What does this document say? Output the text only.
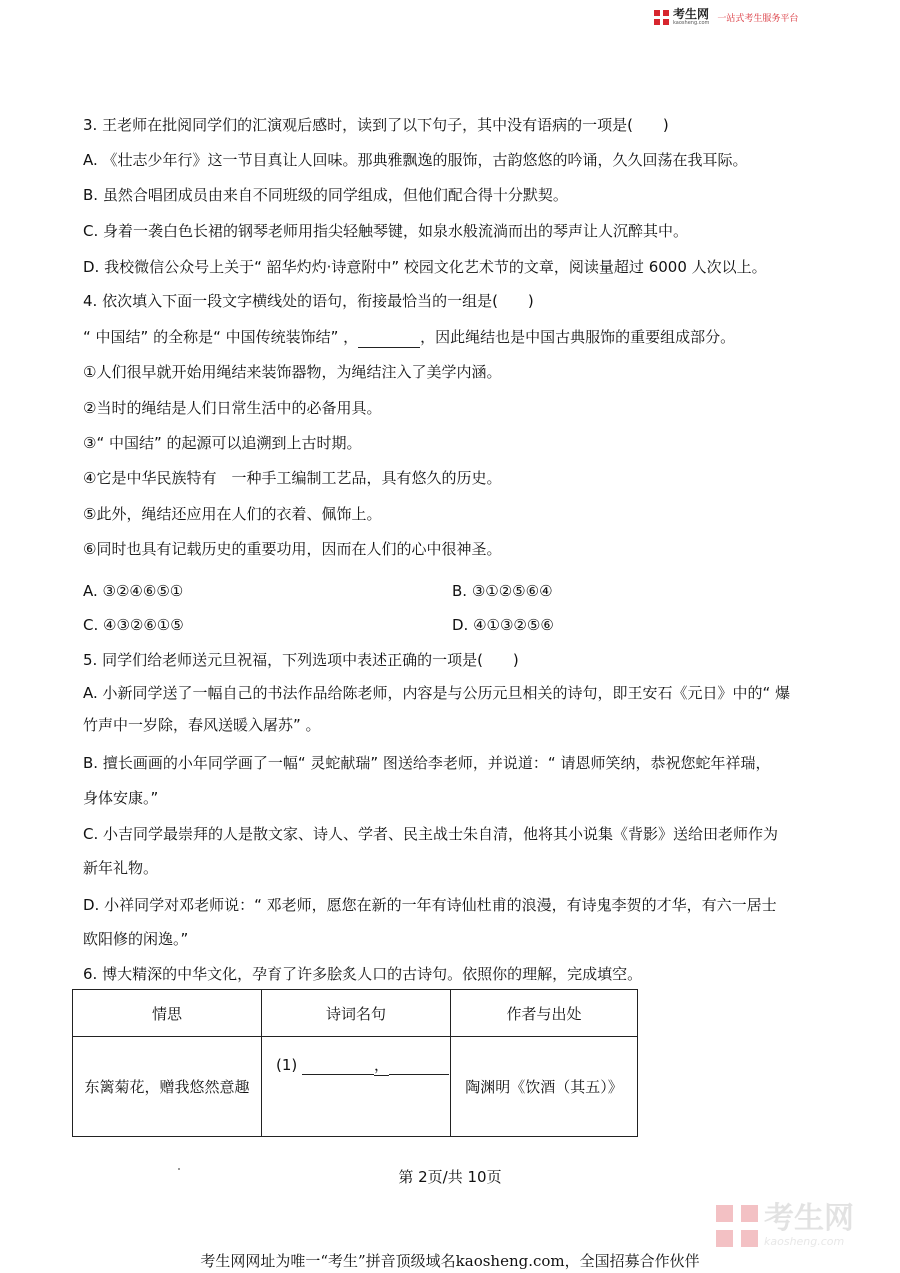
考生网
kaosheng.com 一站式考生服务平台
3. 王老师在批阅同学们的汇演观后感时，读到了以下句子，其中没有语病的一项是(　　)
A. 《壮志少年行》这一节目真让人回味。那典雅飘逸的服饰，古韵悠悠的吟诵，久久回荡在我耳际。
B. 虽然合唱团成员由来自不同班级的同学组成，但他们配合得十分默契。
C. 身着一袭白色长裙的钢琴老师用指尖轻触琴键，如泉水般流淌而出的琴声让人沉醉其中。
D. 我校微信公众号上关于“ 韶华灼灼·诗意附中” 校园文化艺术节的文章，阅读量超过 6000 人次以上。
4. 依次填入下面一段文字横线处的语句，衔接最恰当的一组是(　　)
“ 中国结” 的全称是“ 中国传统装饰结” ，	，因此绳结也是中国古典服饰的重要组成部分。
①人们很早就开始用绳结来装饰器物，为绳结注入了美学内涵。
②当时的绳结是人们日常生活中的必备用具。
③“ 中国结” 的起源可以追溯到上古时期。
④它是中华民族特有　一种手工编制工艺品，具有悠久的历史。
⑤此外，绳结还应用在人们的衣着、佩饰上。
⑥同时也具有记载历史的重要功用，因而在人们的心中很神圣。
A. ③②④⑥⑤①	B. ③①②⑤⑥④
C. ④③②⑥①⑤	D. ④①③②⑤⑥
5. 同学们给老师送元旦祝福，下列选项中表述正确的一项是(　　)
A. 小新同学送了一幅自己的书法作品给陈老师，内容是与公历元旦相关的诗句，即王安石《元日》中的“ 爆
竹声中一岁除，春风送暖入屠苏” 。
B. 擅长画画的小年同学画了一幅“ 灵蛇献瑞” 图送给李老师，并说道：“ 请恩师笑纳，恭祝您蛇年祥瑞，
身体安康。”
C. 小吉同学最崇拜的人是散文家、诗人、学者、民主战士朱自清，他将其小说集《背影》送给田老师作为
新年礼物。
D. 小祥同学对邓老师说：“ 邓老师，愿您在新的一年有诗仙杜甫的浪漫，有诗鬼李贺的才华，有六一居士
欧阳修的闲逸。”
6. 博大精深的中华文化，孕育了许多脍炙人口的古诗句。依照你的理解，完成填空。
情思	诗词名句	作者与出处
东篱菊花，赠我悠然意趣	(1) ，	陶渊明《饮酒（其五）》
第 2页/共 10页
考生网
kaosheng.com
考生网网址为唯一“考生”拼音顶级域名kaosheng.com，全国招募合作伙伴
